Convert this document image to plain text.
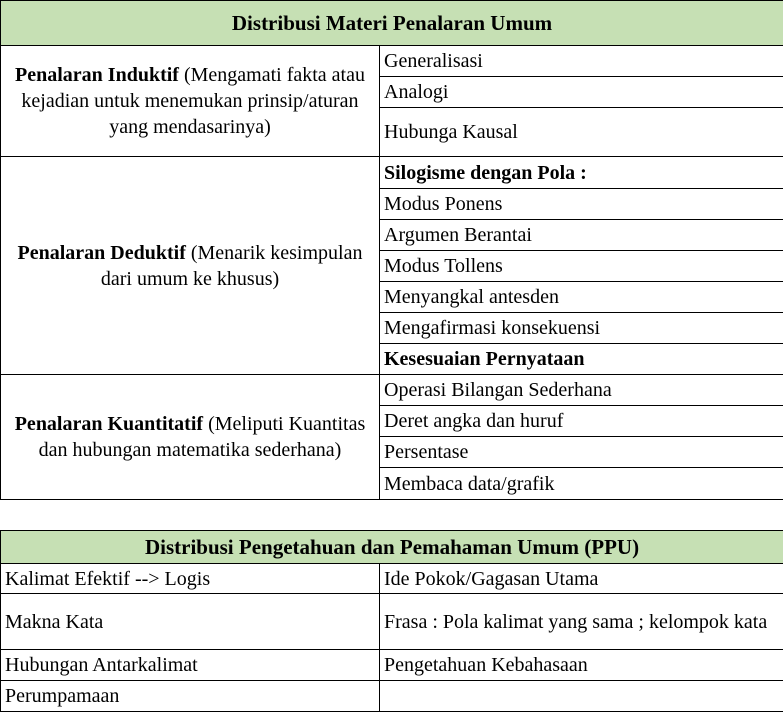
Distribusi Materi Penalaran Umum	
Penalaran Induktif (Mengamati fakta atau kejadian untuk menemukan prinsip/aturan yang mendasarinya)	Generalisasi
	Analogi
	Hubunga Kausal
Penalaran Deduktif (Menarik kesimpulan dari umum ke khusus)	Silogisme dengan Pola :
	Modus Ponens
	Argumen Berantai
	Modus Tollens
	Menyangkal antesden
	Mengafirmasi konsekuensi
	Kesesuaian Pernyataan
Penalaran Kuantitatif (Meliputi Kuantitas dan hubungan matematika sederhana)	Operasi Bilangan Sederhana
	Deret angka dan huruf
	Persentase
	Membaca data/grafik
Distribusi Pengetahuan dan Pemahaman Umum (PPU)	
Kalimat Efektif --> Logis	Ide Pokok/Gagasan Utama
Makna Kata	Frasa : Pola kalimat yang sama ; kelompok kata
Hubungan Antarkalimat	Pengetahuan Kebahasaan
Perumpamaan	
